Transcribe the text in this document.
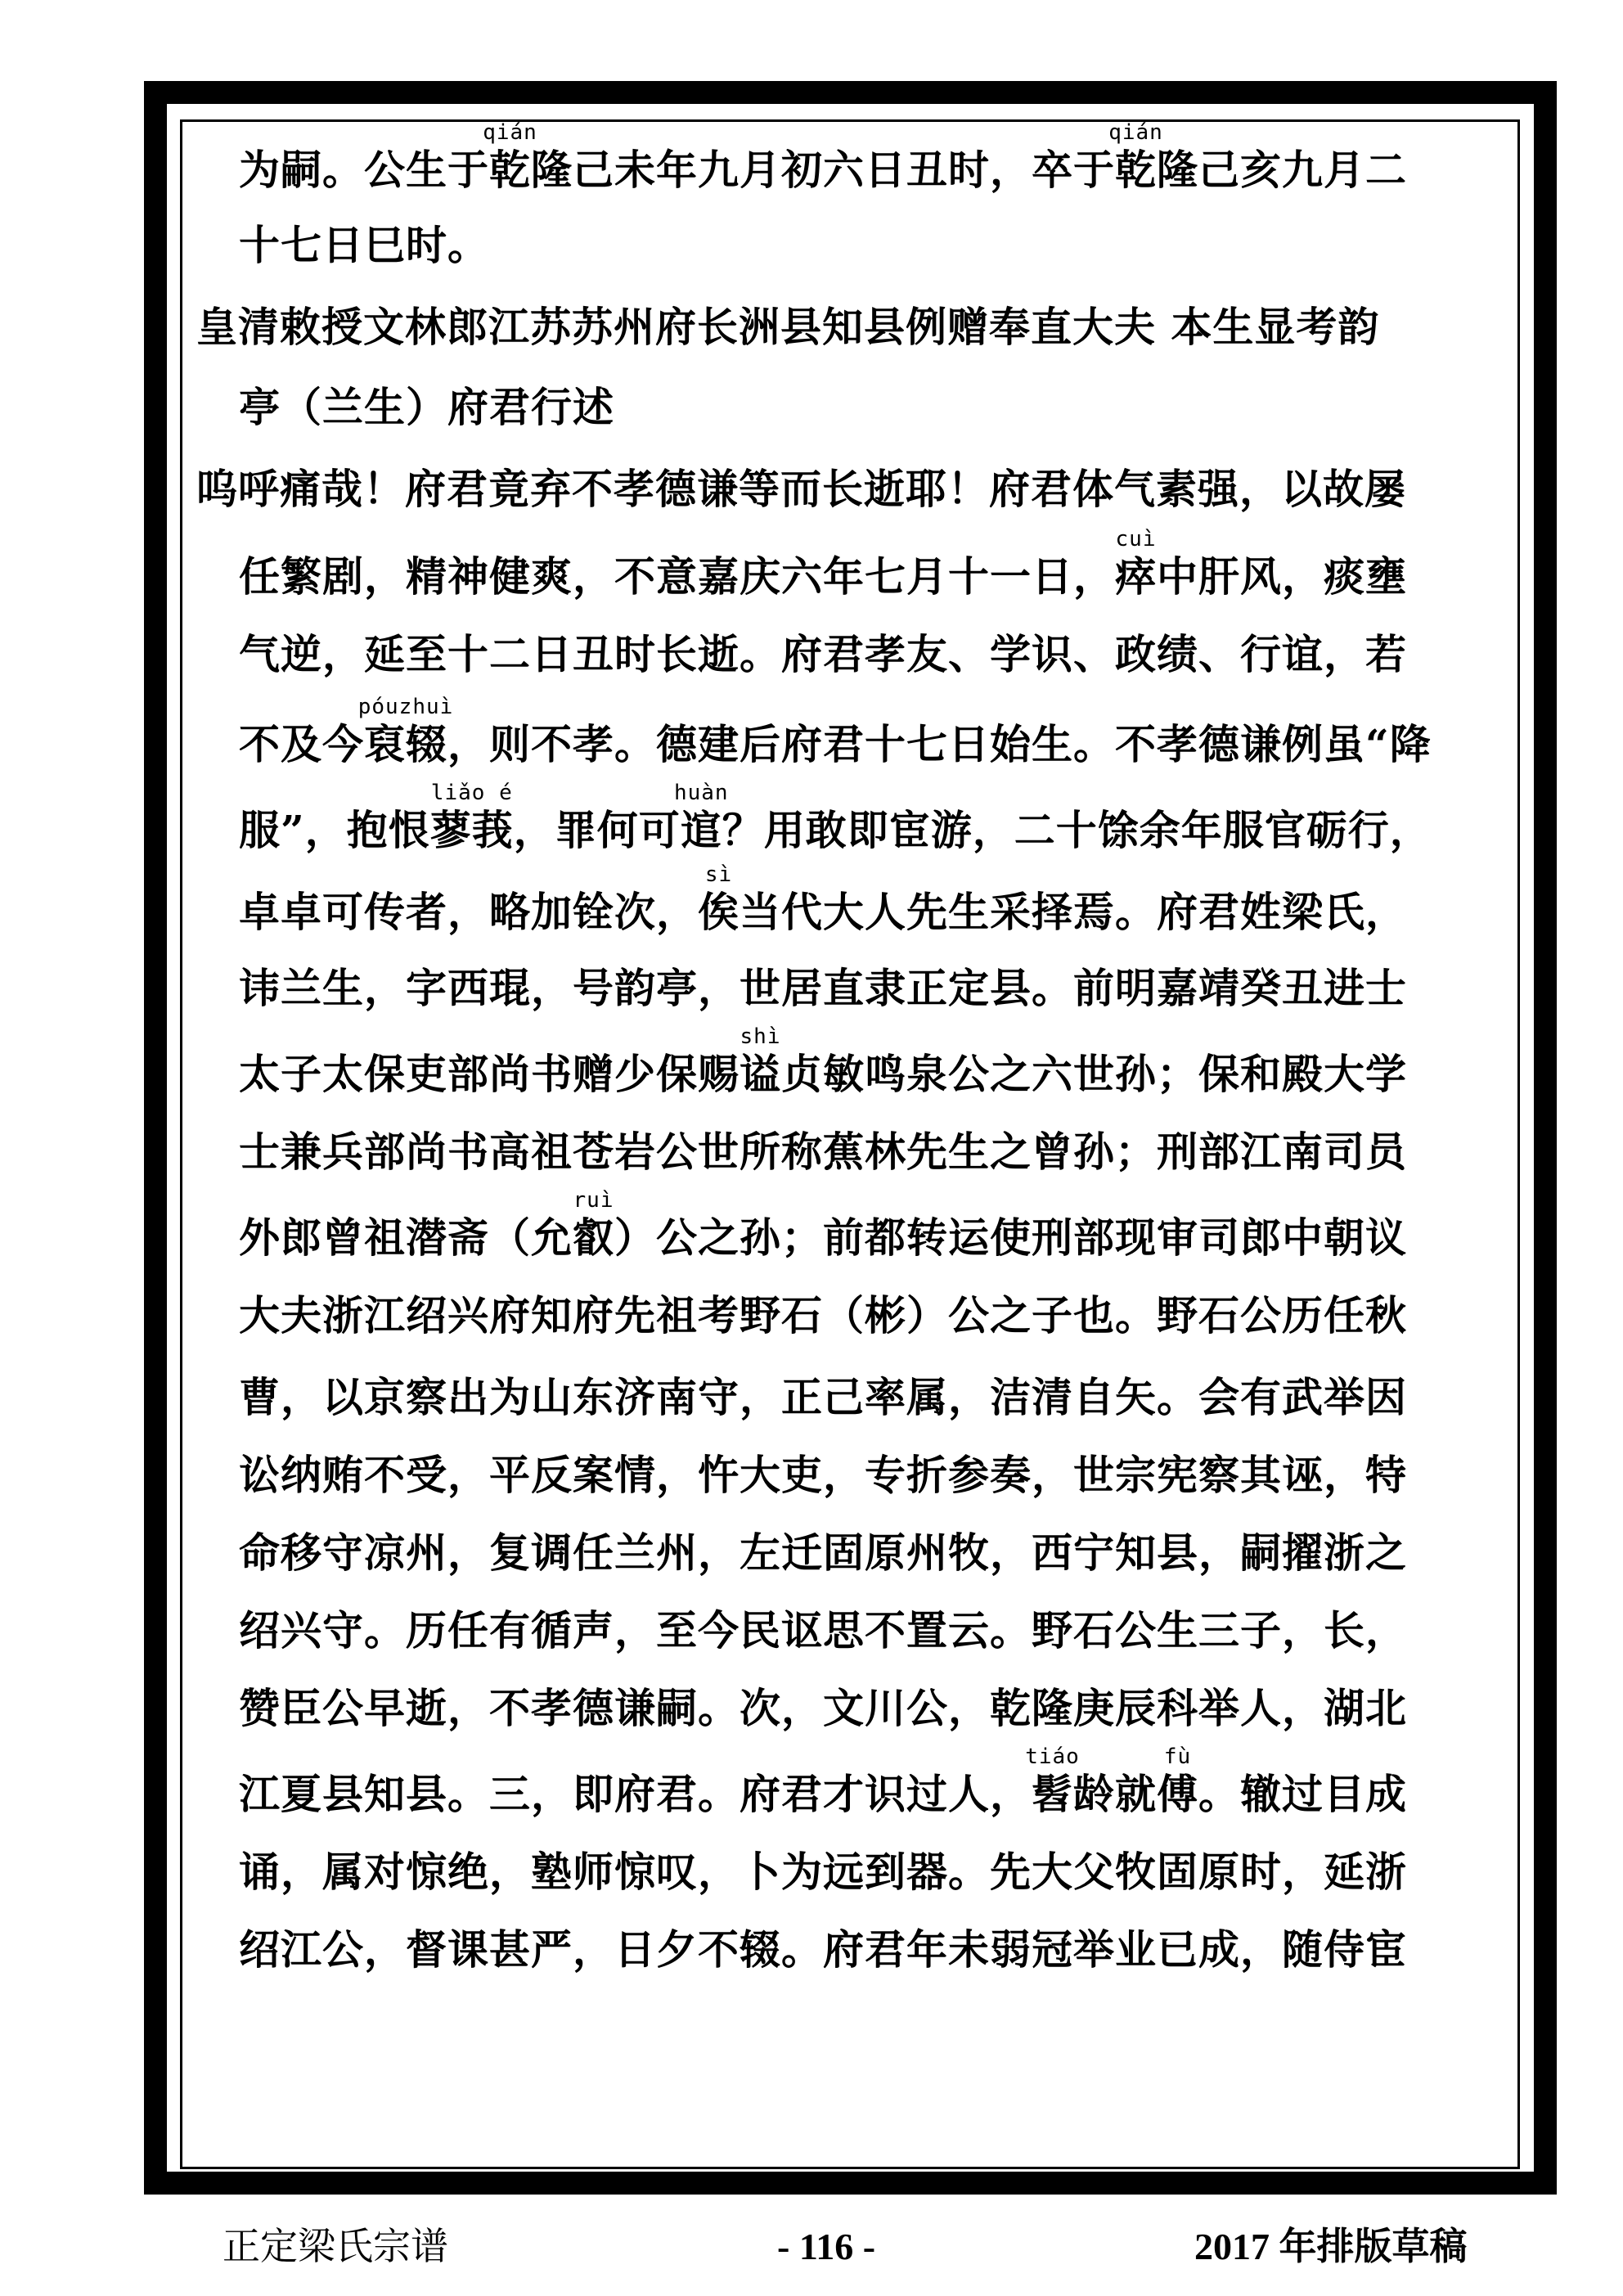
为嗣。公生于
qián
乾隆己未年九月初六日丑时，卒于
qián
乾隆己亥九月二
十七日巳时。
皇清敕授文林郎江苏苏州府长洲县知县例赠奉直大夫 本生显考韵
亭（兰生）府君行述
呜呼痛哉！府君竟弃不孝德谦等而长逝耶！府君体气素强，以故屡
任繁剧，精神健爽，不意嘉庆六年七月十一日，
cuì
瘁中肝风，痰壅
气逆，延至十二日丑时长逝。府君孝友、学识、政绩、行谊，若
不及今
póuzhuì
裒辍，则不孝。德建后府君十七日始生。不孝德谦例虽“降
服”，抱恨
liǎo é
蓼莪，罪何可
huàn
逭？用敢即宦游，二十馀余年服官砺行，
卓卓可传者，略加铨次，
sì
俟当代大人先生采择焉。府君姓梁氏，
讳兰生，字西琨，号韵亭，世居直隶正定县。前明嘉靖癸丑进士
太子太保吏部尚书赠少保赐
shì
谥贞敏鸣泉公之六世孙；保和殿大学
士兼兵部尚书高祖苍岩公世所称蕉林先生之曾孙；刑部江南司员
外郎曾祖潜斋（允
ruì
叡）公之孙；前都转运使刑部现审司郎中朝议
大夫浙江绍兴府知府先祖考野石（彬）公之子也。野石公历任秋
曹，以京察出为山东济南守，正己率属，洁清自矢。会有武举因
讼纳贿不受，平反案情，忤大吏，专折参奏，世宗宪察其诬，特
命移守凉州，复调任兰州，左迁固原州牧，西宁知县，嗣擢浙之
绍兴守。历任有循声，至今民讴思不置云。野石公生三子，长，
赞臣公早逝，不孝德谦嗣。次，文川公，乾隆庚辰科举人，湖北
江夏县知县。三，即府君。府君才识过人，
tiáo
髫龄就
fù
傅。辙过目成
诵，属对惊绝，塾师惊叹，卜为远到器。先大父牧固原时，延浙
绍江公，督课甚严，日夕不辍。府君年未弱冠举业已成，随侍宦
正定梁氏宗谱	- 116 -	2017 年排版草稿
